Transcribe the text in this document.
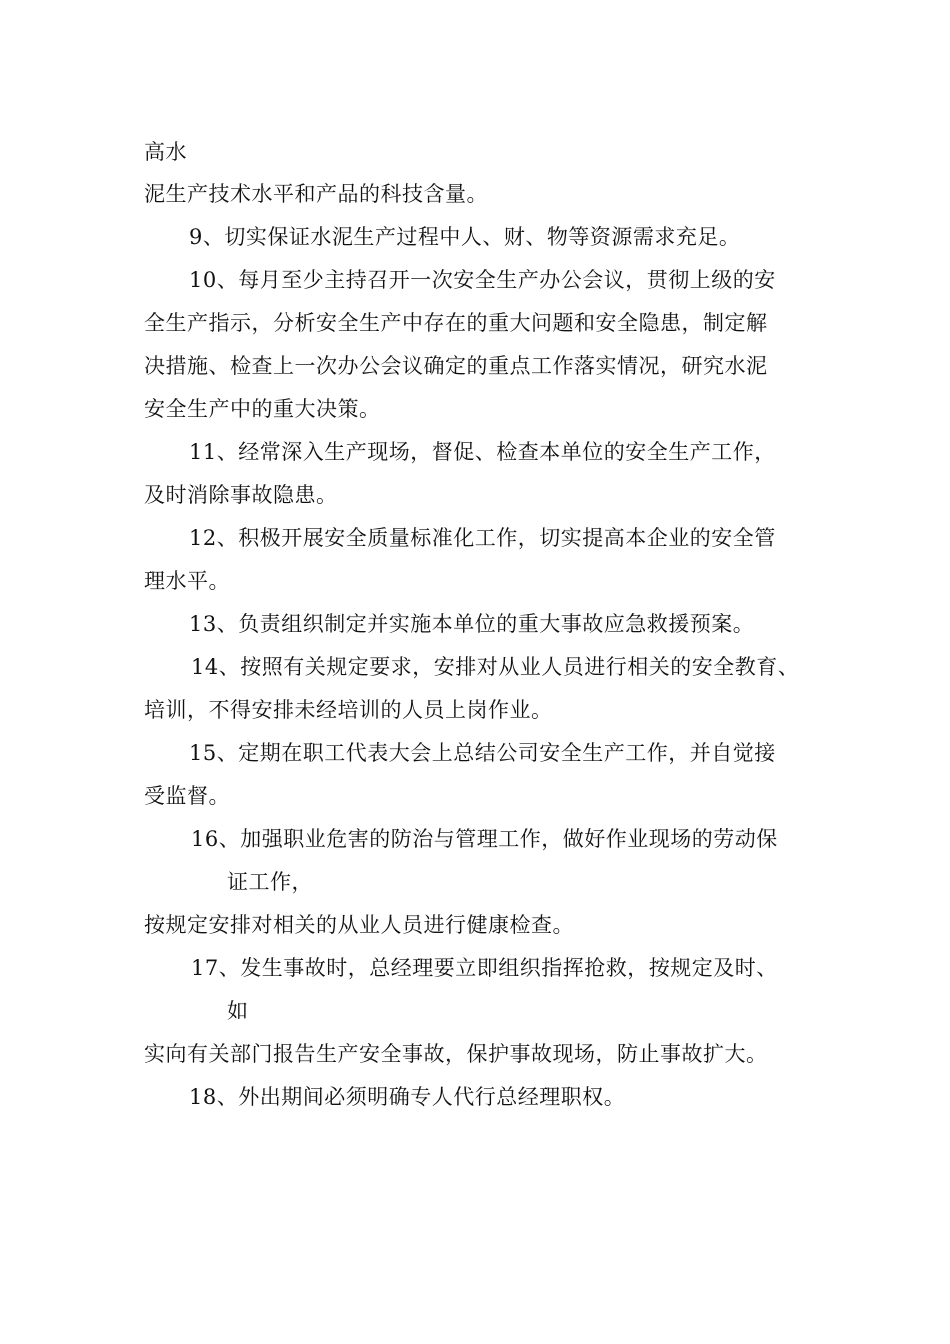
高水
泥生产技术水平和产品的科技含量。
9、切实保证水泥生产过程中人、财、物等资源需求充足。
10、每月至少主持召开一次安全生产办公会议，贯彻上级的安
全生产指示，分析安全生产中存在的重大问题和安全隐患，制定解
决措施、检查上一次办公会议确定的重点工作落实情况，研究水泥
安全生产中的重大决策。
11、经常深入生产现场，督促、检查本单位的安全生产工作，
及时消除事故隐患。
12、积极开展安全质量标准化工作，切实提高本企业的安全管
理水平。
13、负责组织制定并实施本单位的重大事故应急救援预案。
14、按照有关规定要求，安排对从业人员进行相关的安全教育、
培训，不得安排未经培训的人员上岗作业。
15、定期在职工代表大会上总结公司安全生产工作，并自觉接
受监督。
16、加强职业危害的防治与管理工作，做好作业现场的劳动保
证工作，
按规定安排对相关的从业人员进行健康检查。
17、发生事故时，总经理要立即组织指挥抢救，按规定及时、
如
实向有关部门报告生产安全事故，保护事故现场，防止事故扩大。
18、外出期间必须明确专人代行总经理职权。
